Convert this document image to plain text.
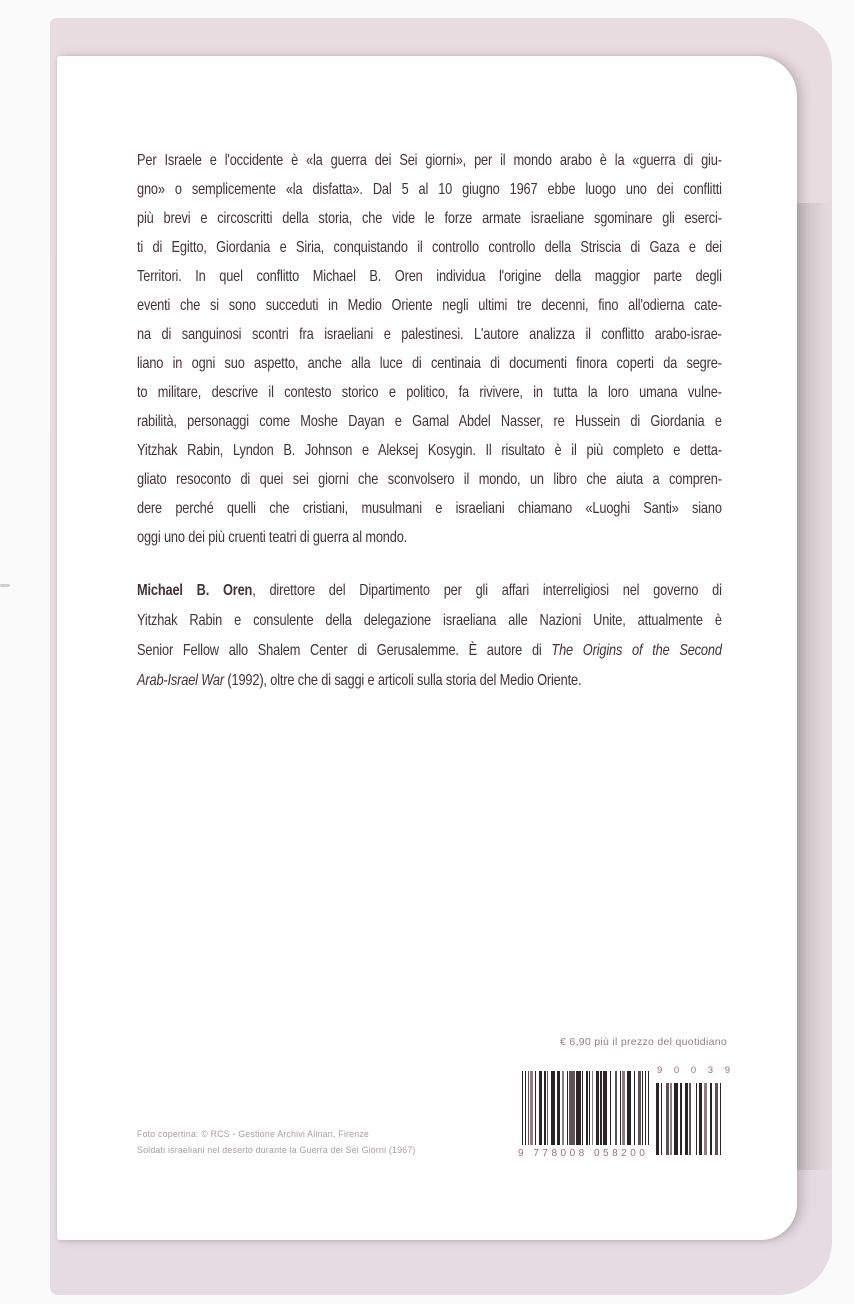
Per Israele e l'occidente è «la guerra dei Sei giorni», per il mondo arabo è la «guerra di giu-
gno» o semplicemente «la disfatta». Dal 5 al 10 giugno 1967 ebbe luogo uno dei conflitti
più brevi e circoscritti della storia, che vide le forze armate israeliane sgominare gli eserci-
ti di Egitto, Giordania e Siria, conquistando il controllo controllo della Striscia di Gaza e dei
Territori. In quel conflitto Michael B. Oren individua l'origine della maggior parte degli
eventi che si sono succeduti in Medio Oriente negli ultimi tre decenni, fino all'odierna cate-
na di sanguinosi scontri fra israeliani e palestinesi. L'autore analizza il conflitto arabo-israe-
liano in ogni suo aspetto, anche alla luce di centinaia di documenti finora coperti da segre-
to militare, descrive il contesto storico e politico, fa rivivere, in tutta la loro umana vulne-
rabilità, personaggi come Moshe Dayan e Gamal Abdel Nasser, re Hussein di Giordania e
Yitzhak Rabin, Lyndon B. Johnson e Aleksej Kosygin. Il risultato è il più completo e detta-
gliato resoconto di quei sei giorni che sconvolsero il mondo, un libro che aiuta a compren-
dere perché quelli che cristiani, musulmani e israeliani chiamano «Luoghi Santi» siano
oggi uno dei più cruenti teatri di guerra al mondo.
Michael B. Oren, direttore del Dipartimento per gli affari interreligiosi nel governo di
Yitzhak Rabin e consulente della delegazione israeliana alle Nazioni Unite, attualmente è
Senior Fellow allo Shalem Center di Gerusalemme. È autore di The Origins of the Second
Arab-Israel War (1992), oltre che di saggi e articoli sulla storia del Medio Oriente.
€ 6,90 più il prezzo del quotidiano
9 0 0 3 9
9 778008 058200
Foto copertina: © RCS - Gestione Archivi Alinari, Firenze
Soldati israeliani nel deserto durante la Guerra dei Sei Giorni (1967)
